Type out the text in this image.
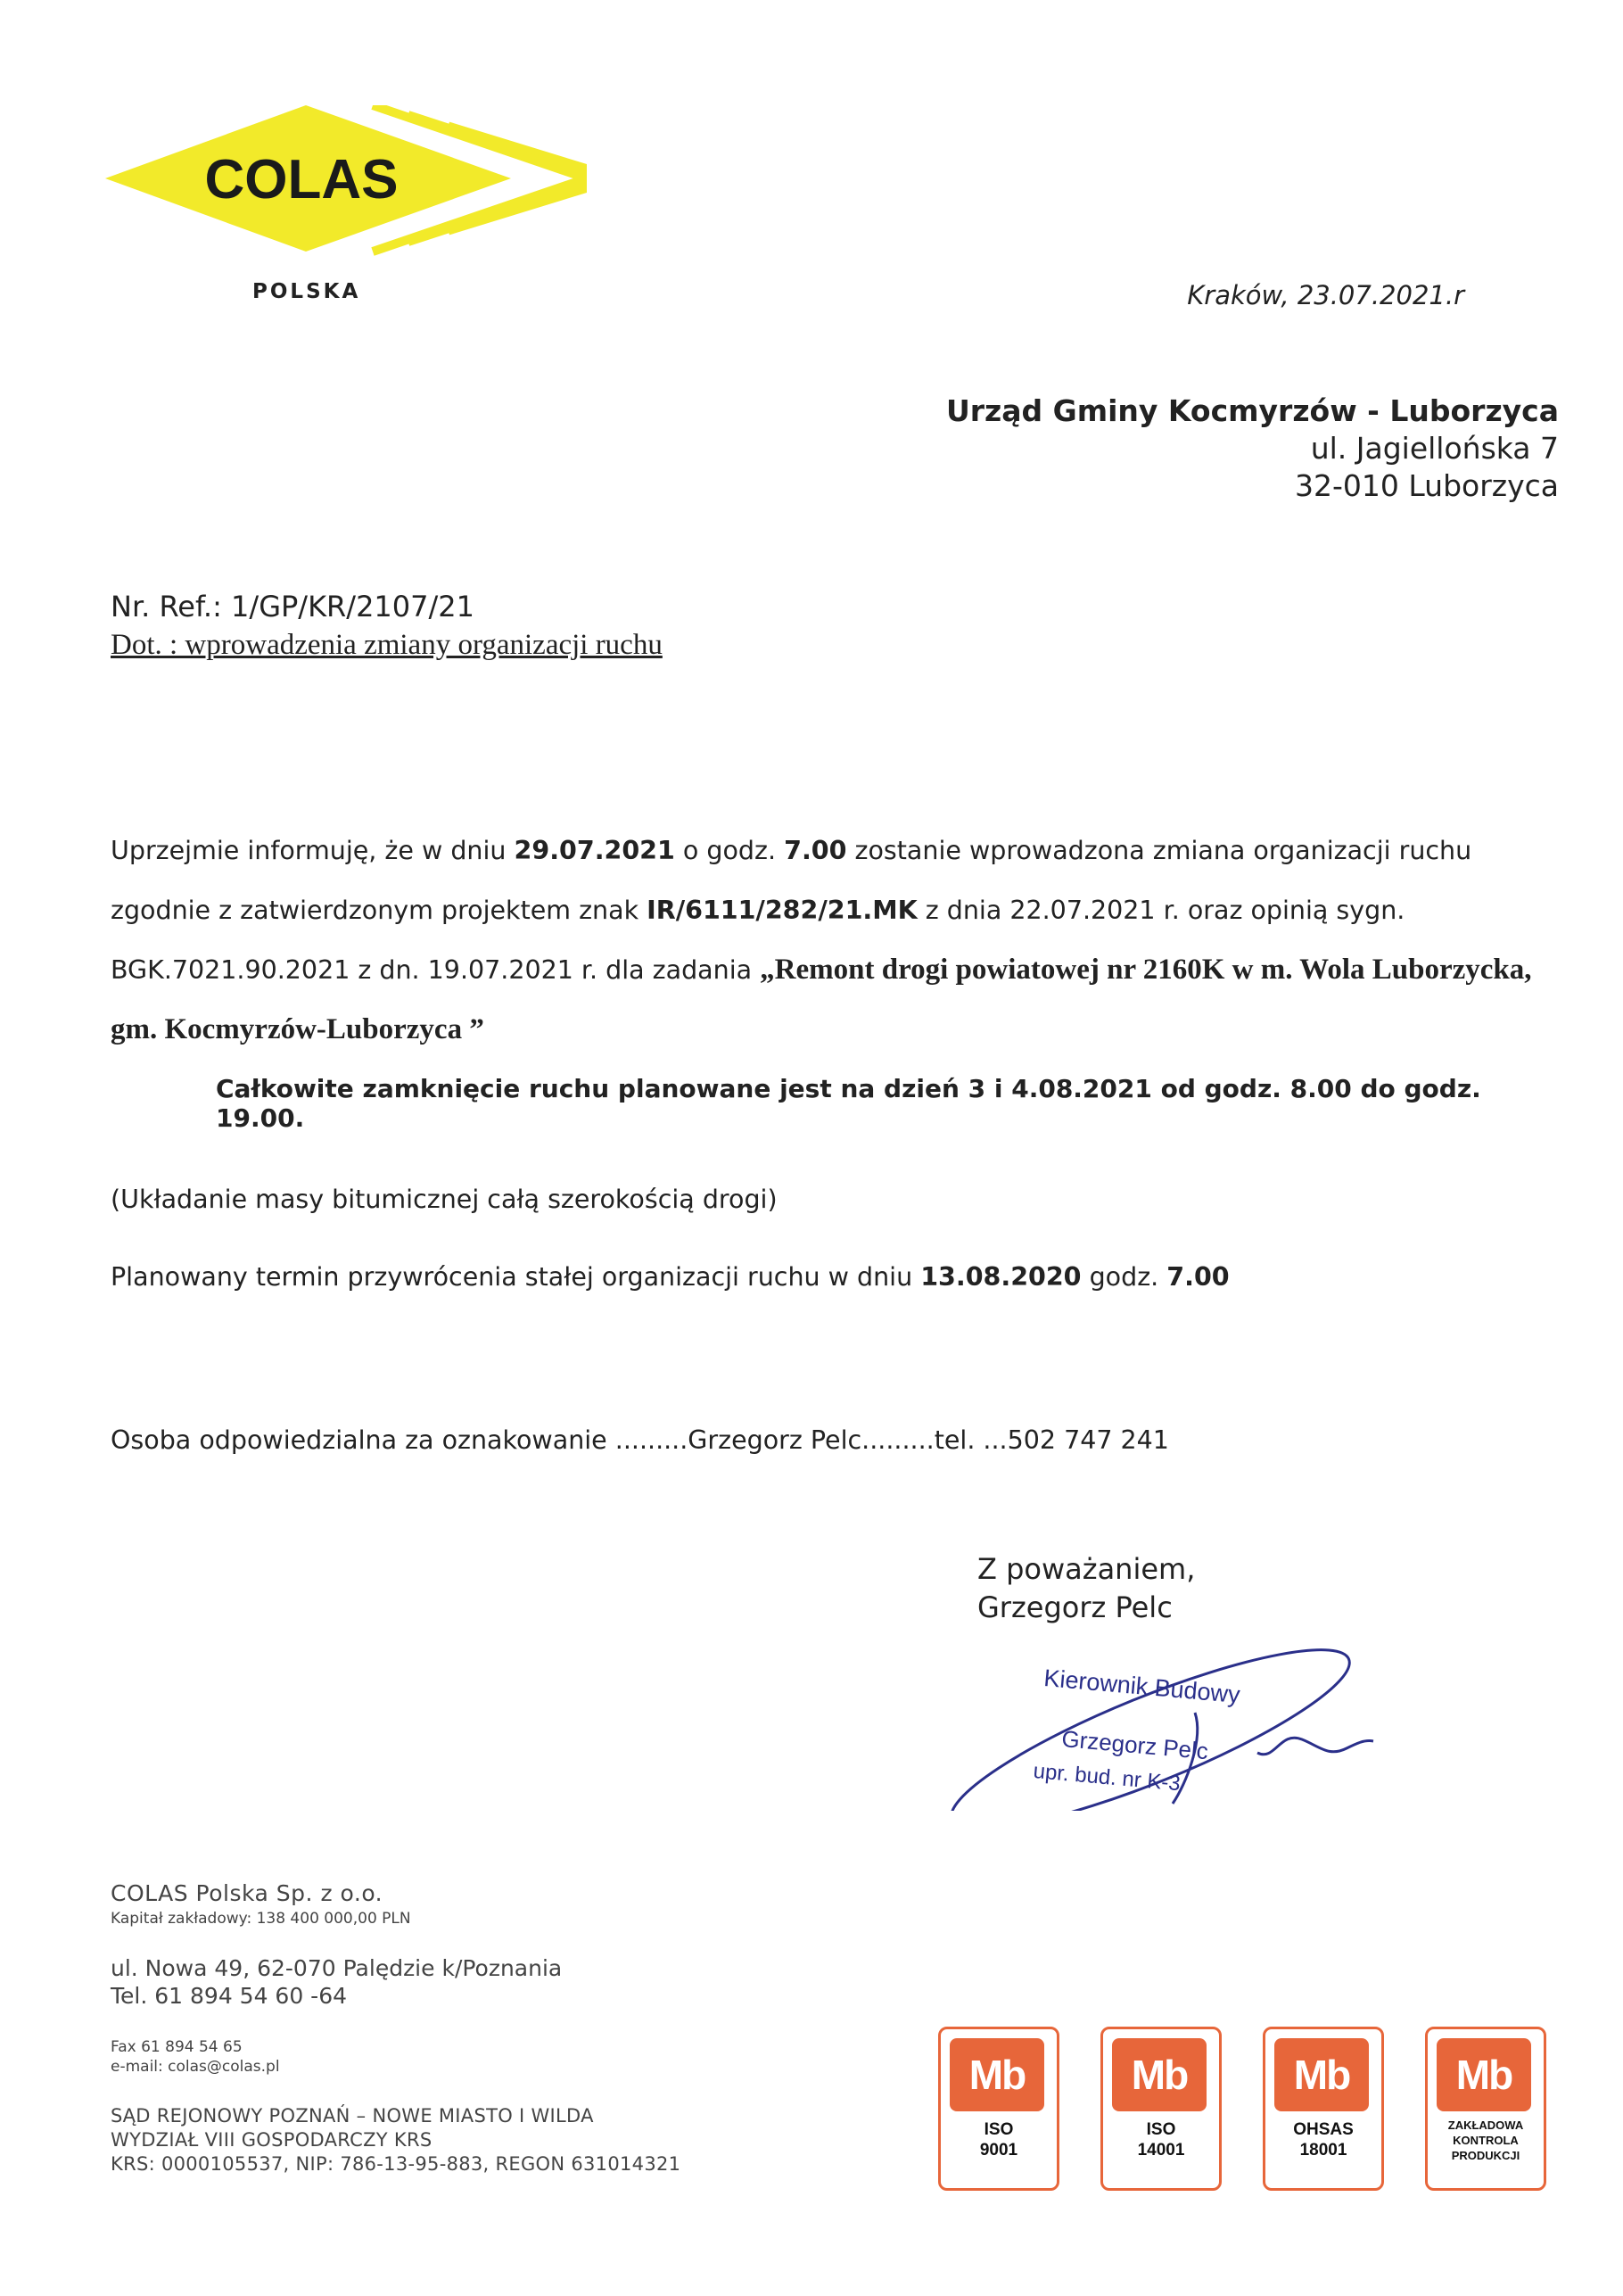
COLAS
POLSKA	Kraków, 23.07.2021.r
Urząd Gminy Kocmyrzów - Luborzyca
ul. Jagiellońska 7
32-010 Luborzyca
Nr. Ref.: 1/GP/KR/2107/21
Dot. : wprowadzenia zmiany organizacji ruchu
Uprzejmie informuję, że w dniu 29.07.2021 o godz. 7.00 zostanie wprowadzona zmiana organizacji ruchu zgodnie z zatwierdzonym projektem znak IR/6111/282/21.MK z dnia 22.07.2021 r. oraz opinią sygn. BGK.7021.90.2021 z dn. 19.07.2021 r. dla zadania „Remont drogi powiatowej nr 2160K w m. Wola Luborzycka, gm. Kocmyrzów-Luborzyca ”
Całkowite zamknięcie ruchu planowane jest na dzień 3 i 4.08.2021 od godz. 8.00 do godz. 19.00.
(Układanie masy bitumicznej całą szerokością drogi)
Planowany termin przywrócenia stałej organizacji ruchu w dniu 13.08.2020 godz. 7.00
Osoba odpowiedzialna za oznakowanie .........Grzegorz Pelc.........tel. ...502 747 241
Z poważaniem,
Grzegorz Pelc
Kierownik Budowy
Grzegorz Pelc
upr. bud. nr K-3
COLAS Polska Sp. z o.o.
Kapitał zakładowy: 138 400 000,00 PLN
ul. Nowa 49, 62-070 Palędzie k/Poznania
Tel. 61 894 54 60 -64
Fax 61 894 54 65
e-mail: colas@colas.pl
SĄD REJONOWY POZNAŃ – NOWE MIASTO I WILDA
WYDZIAŁ VIII GOSPODARCZY KRS
KRS: 0000105537, NIP: 786-13-95-883, REGON 631014321
Mb
ISO
9001
Mb
ISO
14001
Mb
OHSAS
18001
Mb
ZAKŁADOWA
KONTROLA
PRODUKCJI
